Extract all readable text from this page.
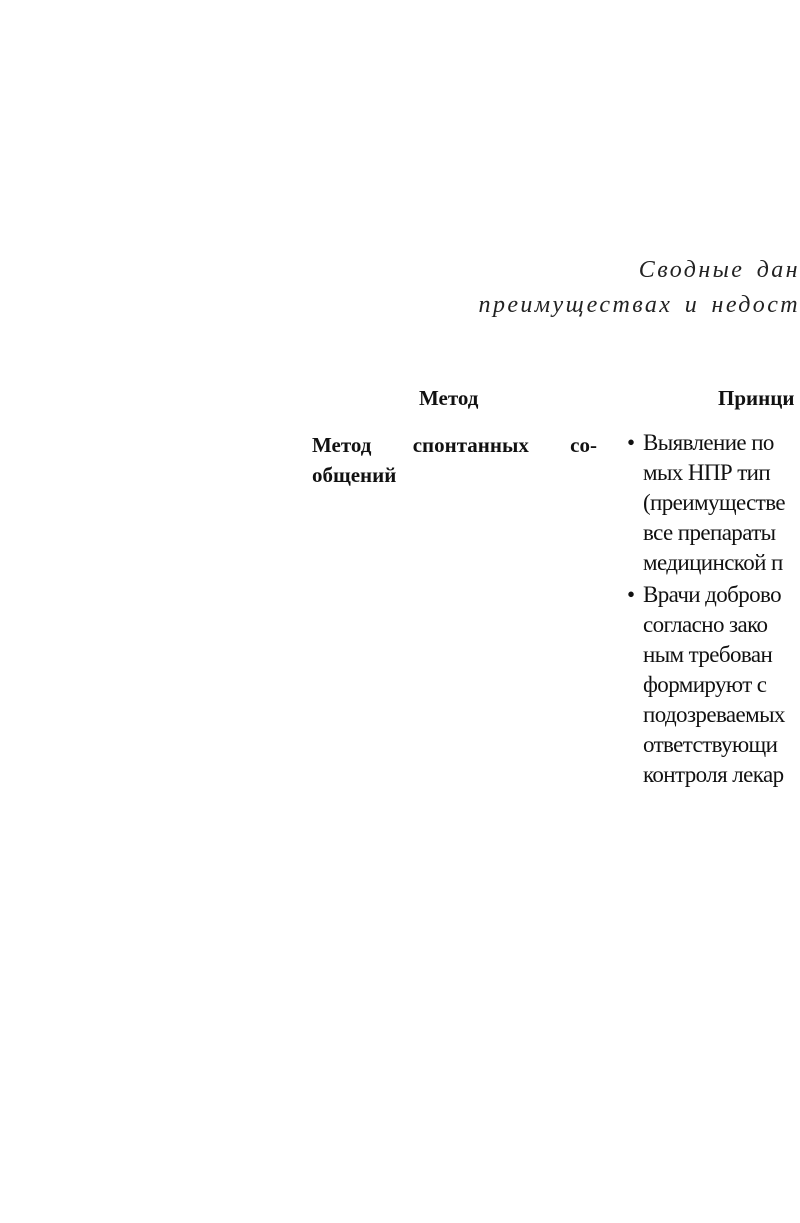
Сводные дан
преимуществах и недост
Метод	Принци
Метод спонтанных со-
общений
• Выявление по
мых НПР тип
(преимуществе
все препараты
медицинской п
• Врачи доброво
согласно зако
ным требован
формируют с
подозреваемых
ответствующи
контроля лекар
